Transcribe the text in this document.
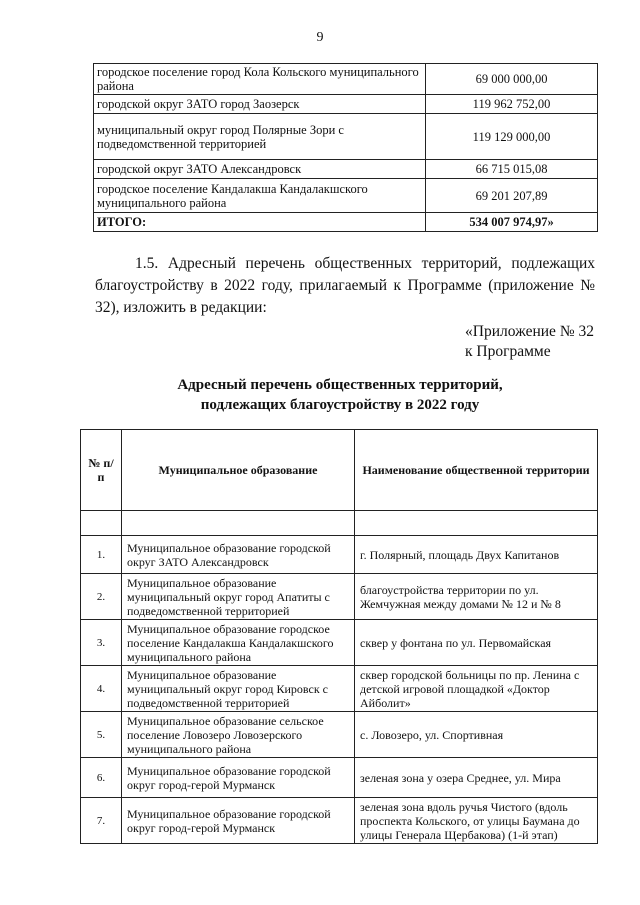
9
городское поселение город Кола Кольского муниципального района	69 000 000,00
городской округ ЗАТО город Заозерск	119 962 752,00
муниципальный округ город Полярные Зори с подведомственной территорией	119 129 000,00
городской округ ЗАТО Александровск	66 715 015,08
городское поселение Кандалакша Кандалакшского муниципального района	69 201 207,89
ИТОГО:	534 007 974,97»
1.5. Адресный перечень общественных территорий, подлежащих благоустройству в 2022 году, прилагаемый к Программе (приложение № 32), изложить в редакции:
«Приложение № 32
к Программе
Адресный перечень общественных территорий,
подлежащих благоустройству в 2022 году
№ п/п	Муниципальное образование	Наименование общественной территории

1.	Муниципальное образование городской округ ЗАТО Александровск	г. Полярный, площадь Двух Капитанов
2.	Муниципальное образование муниципальный округ город Апатиты с подведомственной территорией	благоустройства территории по ул. Жемчужная между домами № 12 и № 8
3.	Муниципальное образование городское поселение Кандалакша Кандалакшского муниципального района	сквер у фонтана по ул. Первомайская
4.	Муниципальное образование муниципальный округ город Кировск с подведомственной территорией	сквер городской больницы по пр. Ленина с детской игровой площадкой «Доктор Айболит»
5.	Муниципальное образование сельское поселение Ловозеро Ловозерского муниципального района	с. Ловозеро, ул. Спортивная
6.	Муниципальное образование городской округ город-герой Мурманск	зеленая зона у озера Среднее, ул. Мира
7.	Муниципальное образование городской округ город-герой Мурманск	зеленая зона вдоль ручья Чистого (вдоль проспекта Кольского, от улицы Баумана до улицы Генерала Щербакова) (1-й этап)
